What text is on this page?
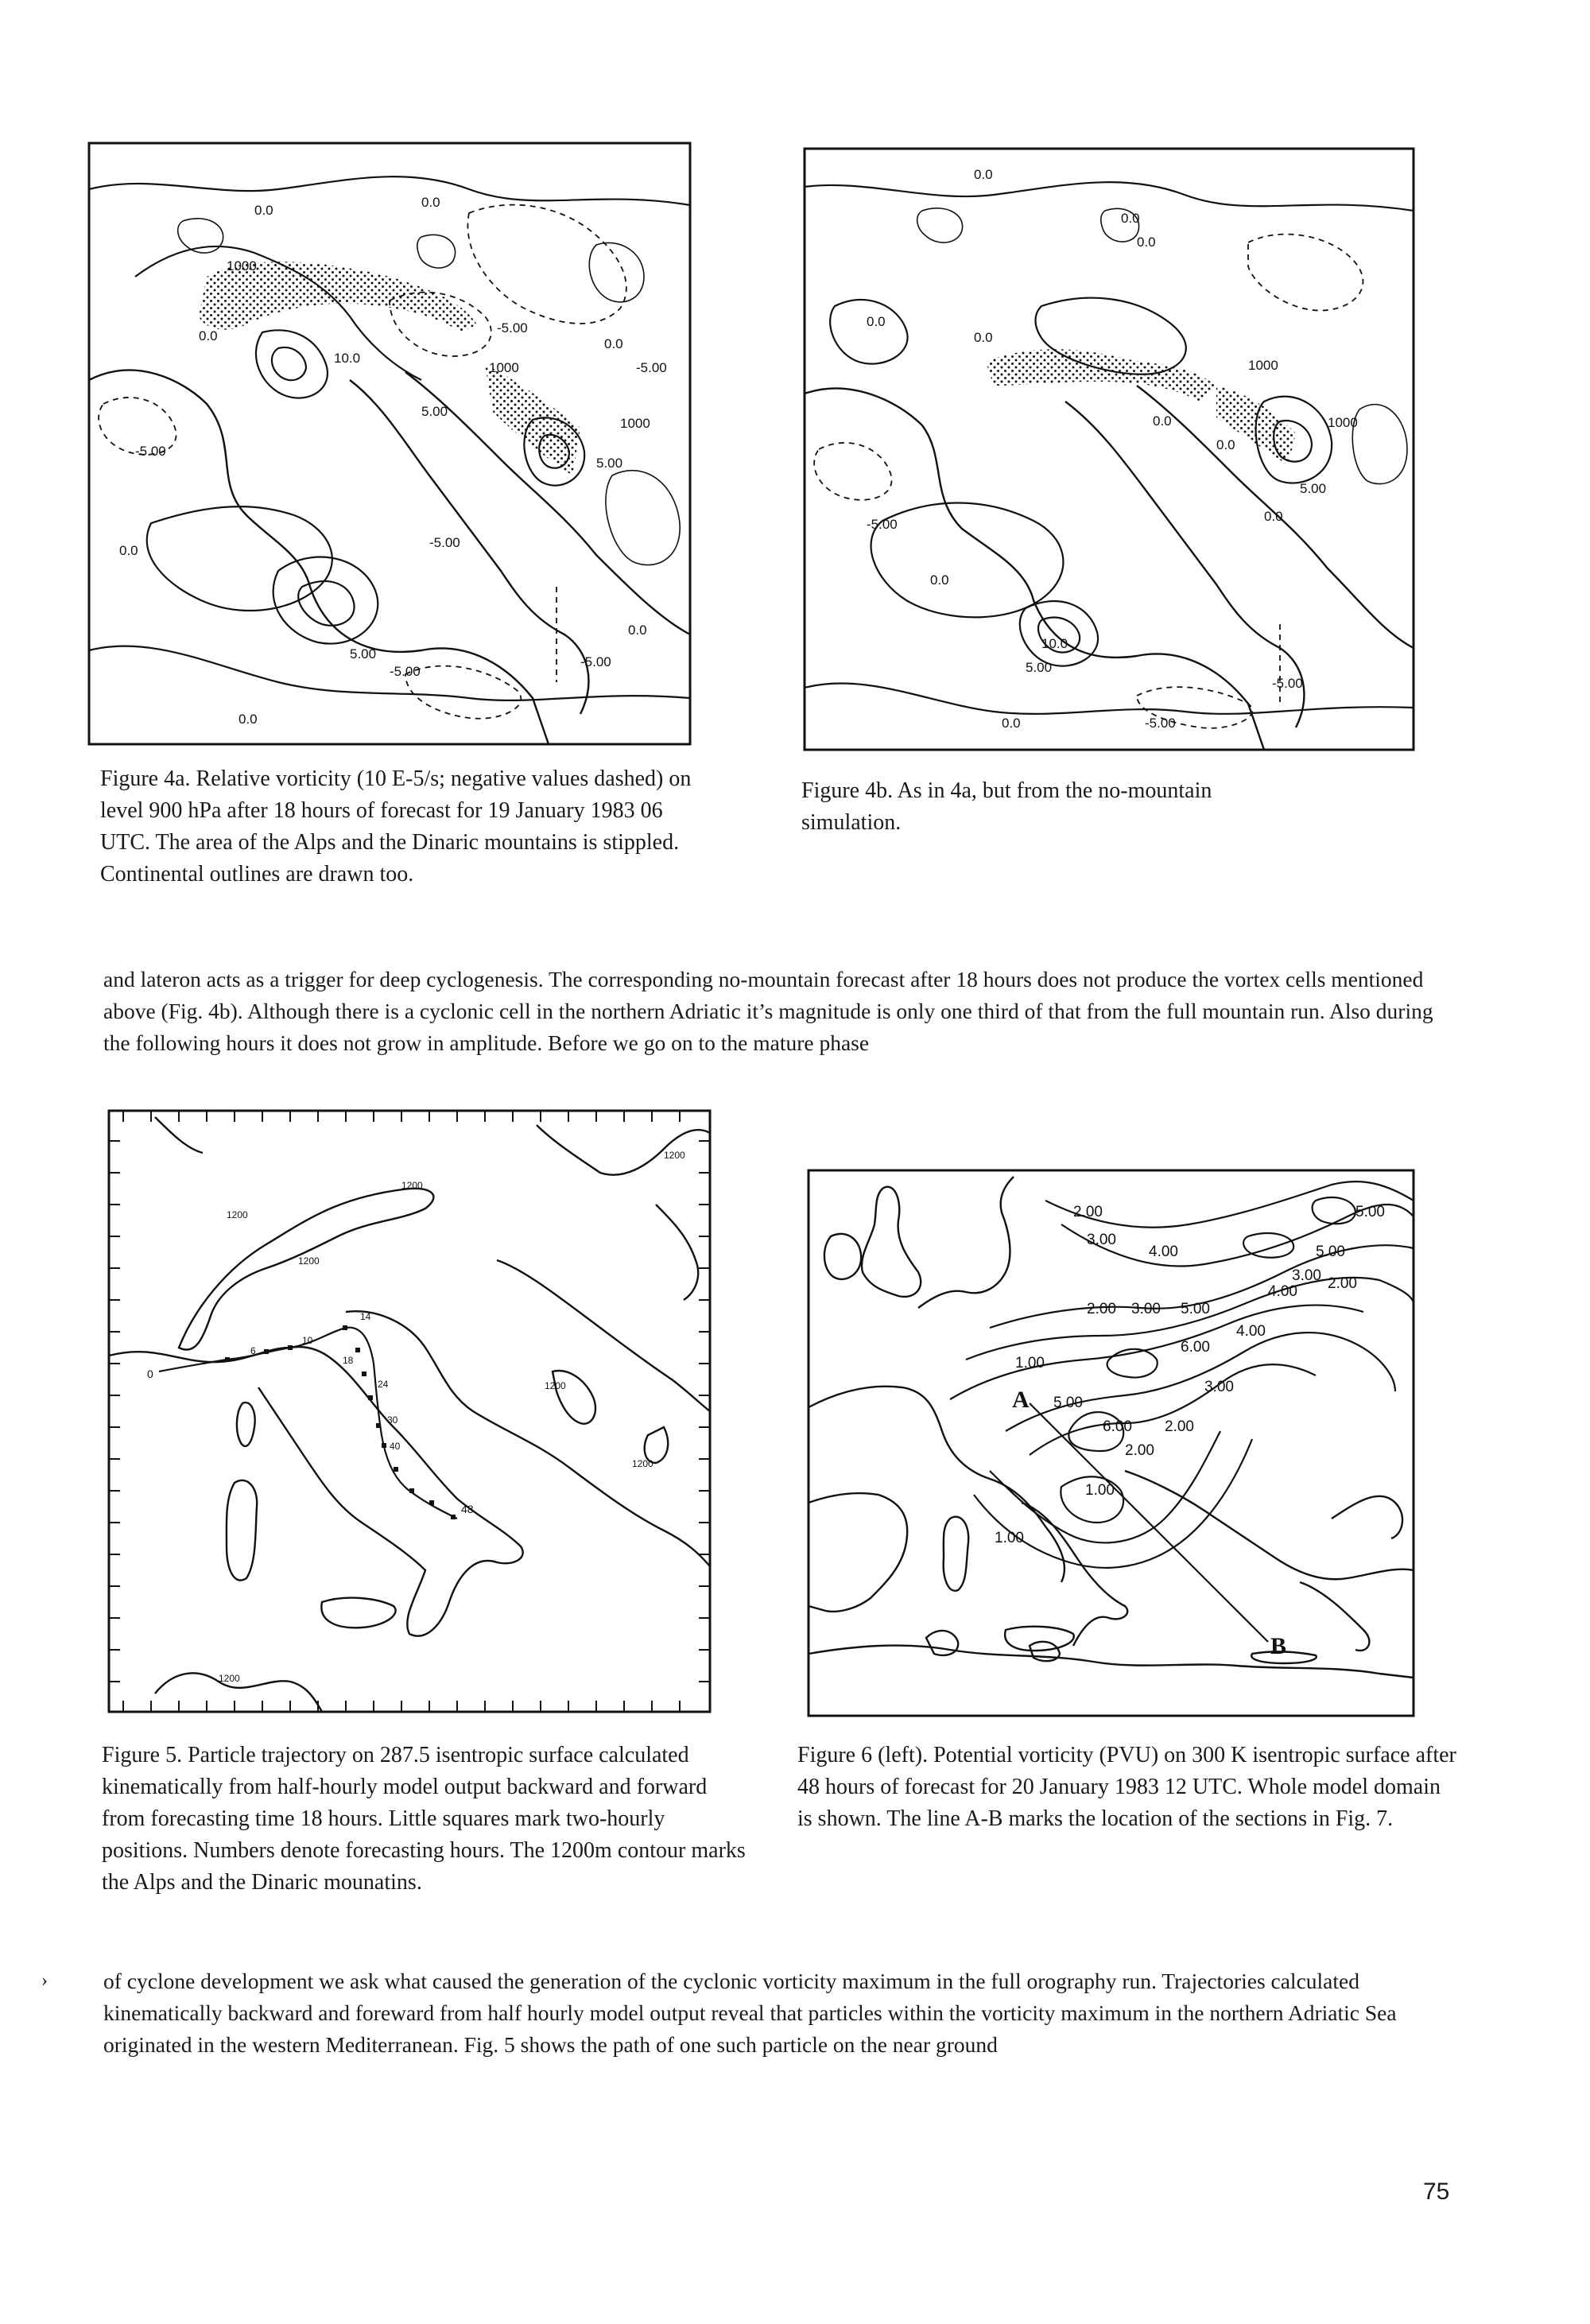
0.0
0.0
1000
1000
-5.00
10.0
0.0
5.00
-5.00
-5.00
-5.00
0.0
5.00
0.0
-5.00
0.0
5.00
-5.00
0.0
1000
0.0
0.0
0.0
0.0
0.0
1000
1000
0.0
0.0
0.0
-5.00
10.0
5.00
-5.00
-5.00
0.0
0.0
5.00
Figure 4a. Relative vorticity (10 E-5/s; negative values dashed) on level 900 hPa after 18 hours of forecast for 19 January 1983 06 UTC. The area of the Alps and the Dinaric mountains is stippled. Continental outlines are drawn too.
Figure 4b. As in 4a, but from the no-mountain simulation.
and lateron acts as a trigger for deep cyclogenesis. The corresponding no-mountain forecast after 18 hours does not produce the vortex cells mentioned above (Fig. 4b). Although there is a cyclonic cell in the northern Adriatic it’s magnitude is only one third of that from the full mountain run. Also during the following hours it does not grow in amplitude. Before we go on to the mature phase
1200
1200
1200
1200
1200
1200
1200
0
6
10
14
18
24
30
40
48
A
B
2.00
3.00
4.00
5.00
5.00
4.00
3.00 2.00
1.00
2.00 3.00 5.00
6.00
4.00
3.00
2.00
1.00
5.00
6.00
2.00
1.00
Figure 5. Particle trajectory on 287.5 isentropic surface calculated kinematically from half-hourly model output backward and forward from forecasting time 18 hours. Little squares mark two-hourly positions. Numbers denote forecasting hours. The 1200m contour marks the Alps and the Dinaric mounatins.
Figure 6 (left). Potential vorticity (PVU) on 300 K isentropic surface after 48 hours of forecast for 20 January 1983 12 UTC. Whole model domain is shown. The line A-B marks the location of the sections in Fig. 7.
›	of cyclone development we ask what caused the generation of the cyclonic vorticity maximum in the full orography run. Trajectories calculated kinematically backward and foreward from half hourly model output reveal that particles within the vorticity maximum in the northern Adriatic Sea originated in the western Mediterranean. Fig. 5 shows the path of one such particle on the near ground
75
